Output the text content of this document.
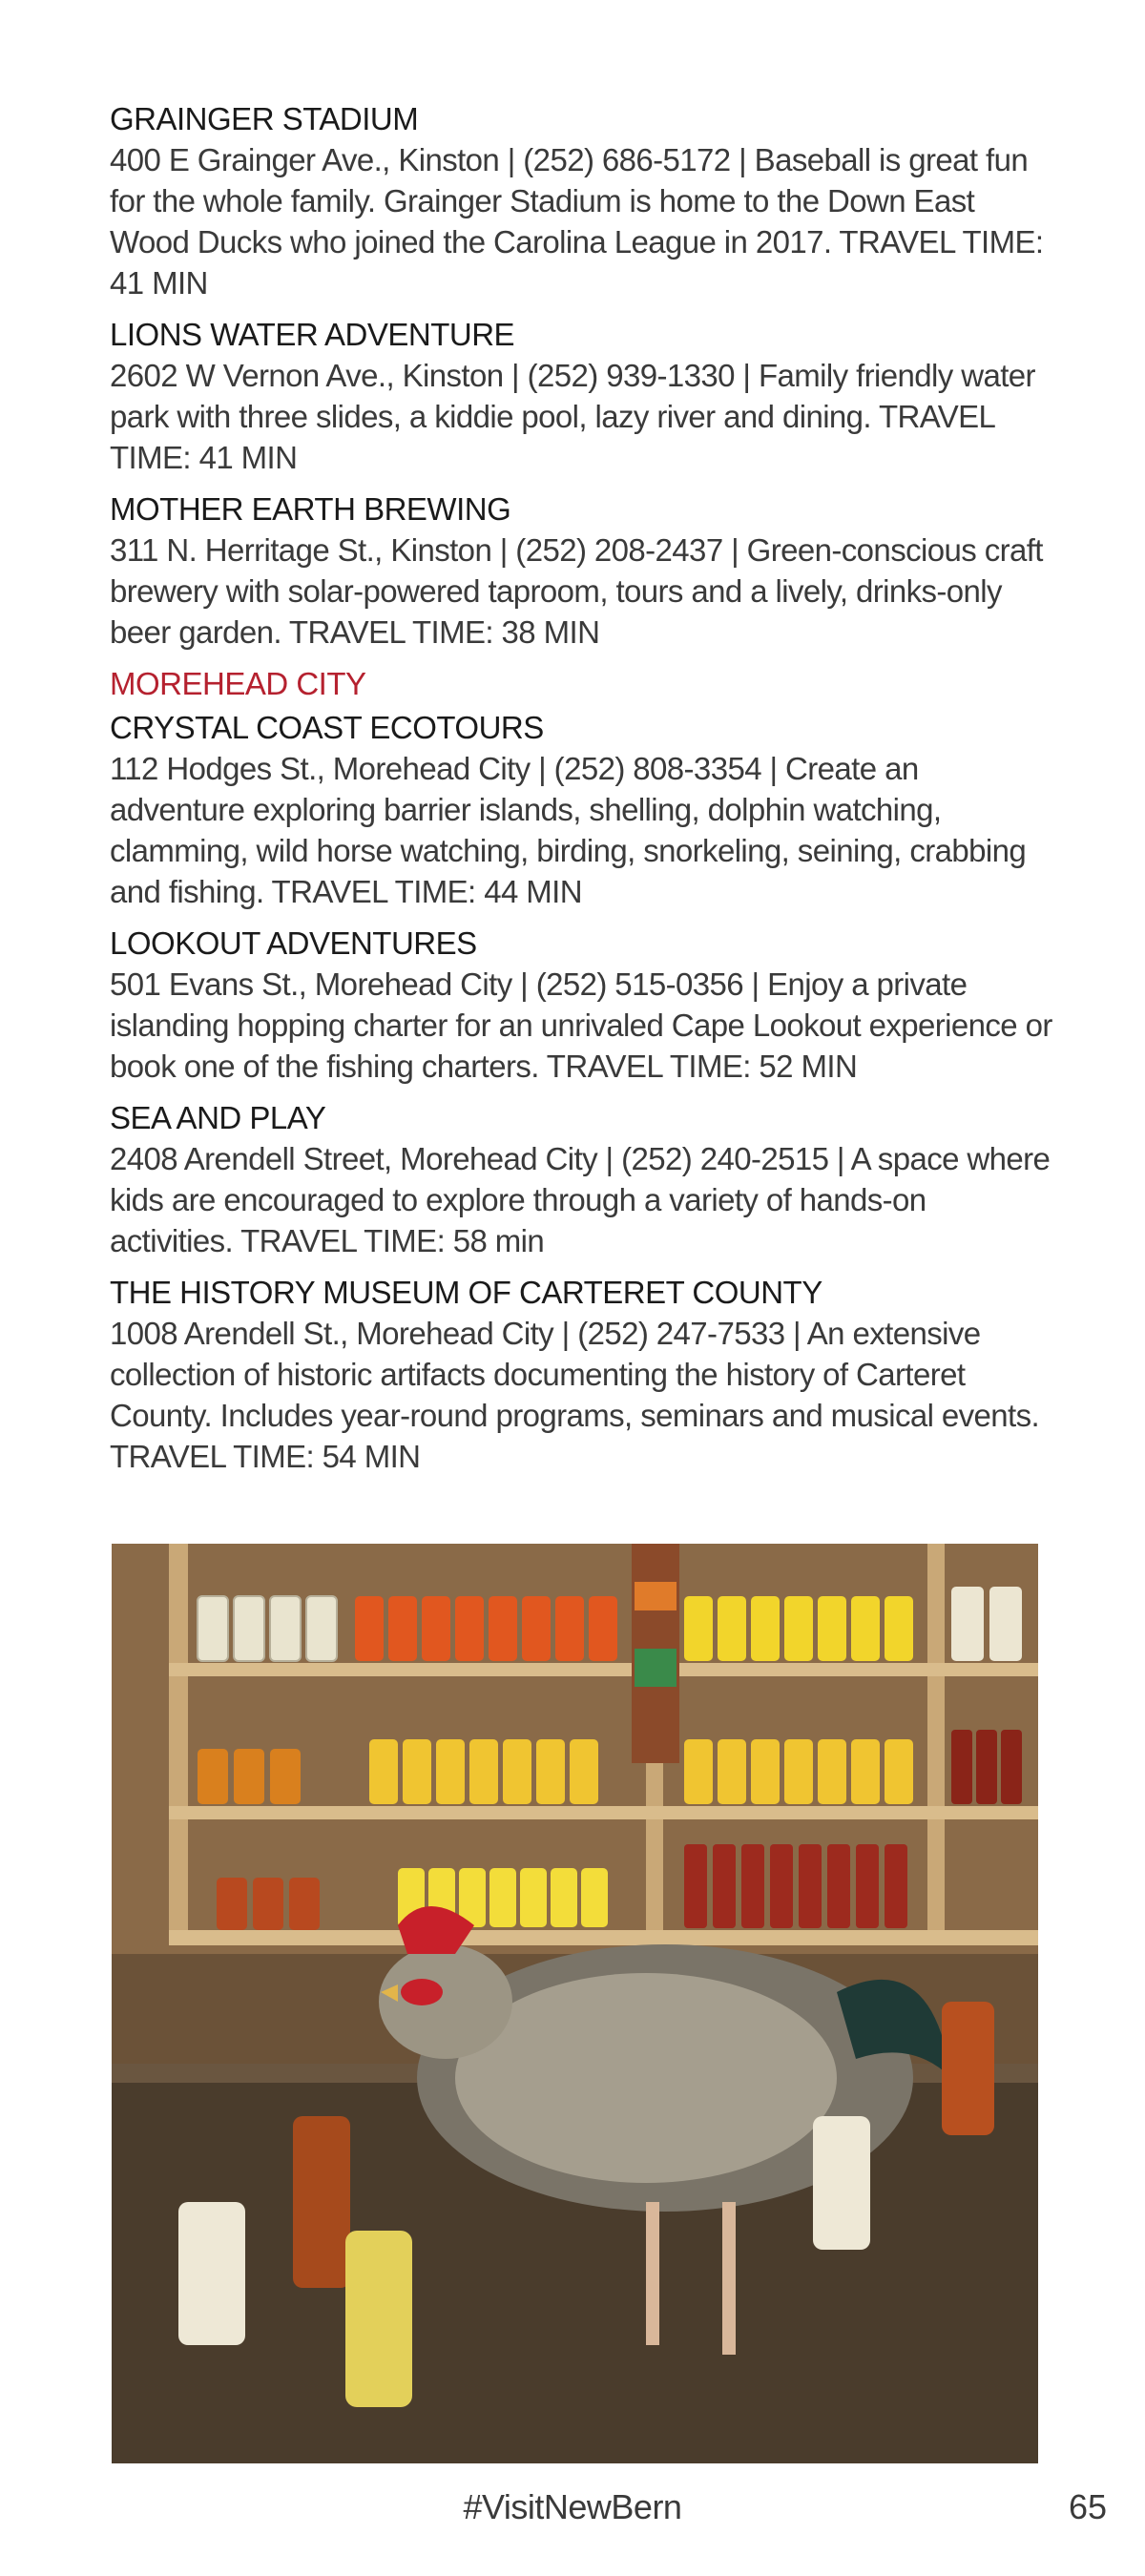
GRAINGER STADIUM
400 E Grainger Ave., Kinston | (252) 686-5172 | Baseball is great fun for the whole family. Grainger Stadium is home to the Down East Wood Ducks who joined the Carolina League in 2017. TRAVEL TIME: 41 MIN
LIONS WATER ADVENTURE
2602 W Vernon Ave., Kinston | (252) 939-1330 | Family friendly water park with three slides, a kiddie pool, lazy river and dining. TRAVEL TIME: 41 MIN
MOTHER EARTH BREWING
311 N. Herritage St., Kinston | (252) 208-2437 | Green-conscious craft brewery with solar-powered taproom, tours and a lively, drinks-only beer garden. TRAVEL TIME: 38 MIN
MOREHEAD CITY
CRYSTAL COAST ECOTOURS
112 Hodges St., Morehead City | (252) 808-3354 | Create an adventure exploring barrier islands, shelling, dolphin watching, clamming, wild horse watching, birding, snorkeling, seining, crabbing and fishing. TRAVEL TIME: 44 MIN
LOOKOUT ADVENTURES
501 Evans St., Morehead City | (252) 515-0356 | Enjoy a private islanding hopping charter for an unrivaled Cape Lookout experience or book one of the fishing charters. TRAVEL TIME: 52 MIN
SEA AND PLAY
2408 Arendell Street, Morehead City | (252) 240-2515 | A space where kids are encouraged to explore through a variety of hands-on activities. TRAVEL TIME: 58 min
THE HISTORY MUSEUM OF CARTERET COUNTY
1008 Arendell St., Morehead City | (252) 247-7533 | An extensive collection of historic artifacts documenting the history of Carteret County. Includes year-round programs, seminars and musical events. TRAVEL TIME: 54 MIN
#VisitNewBern	65
